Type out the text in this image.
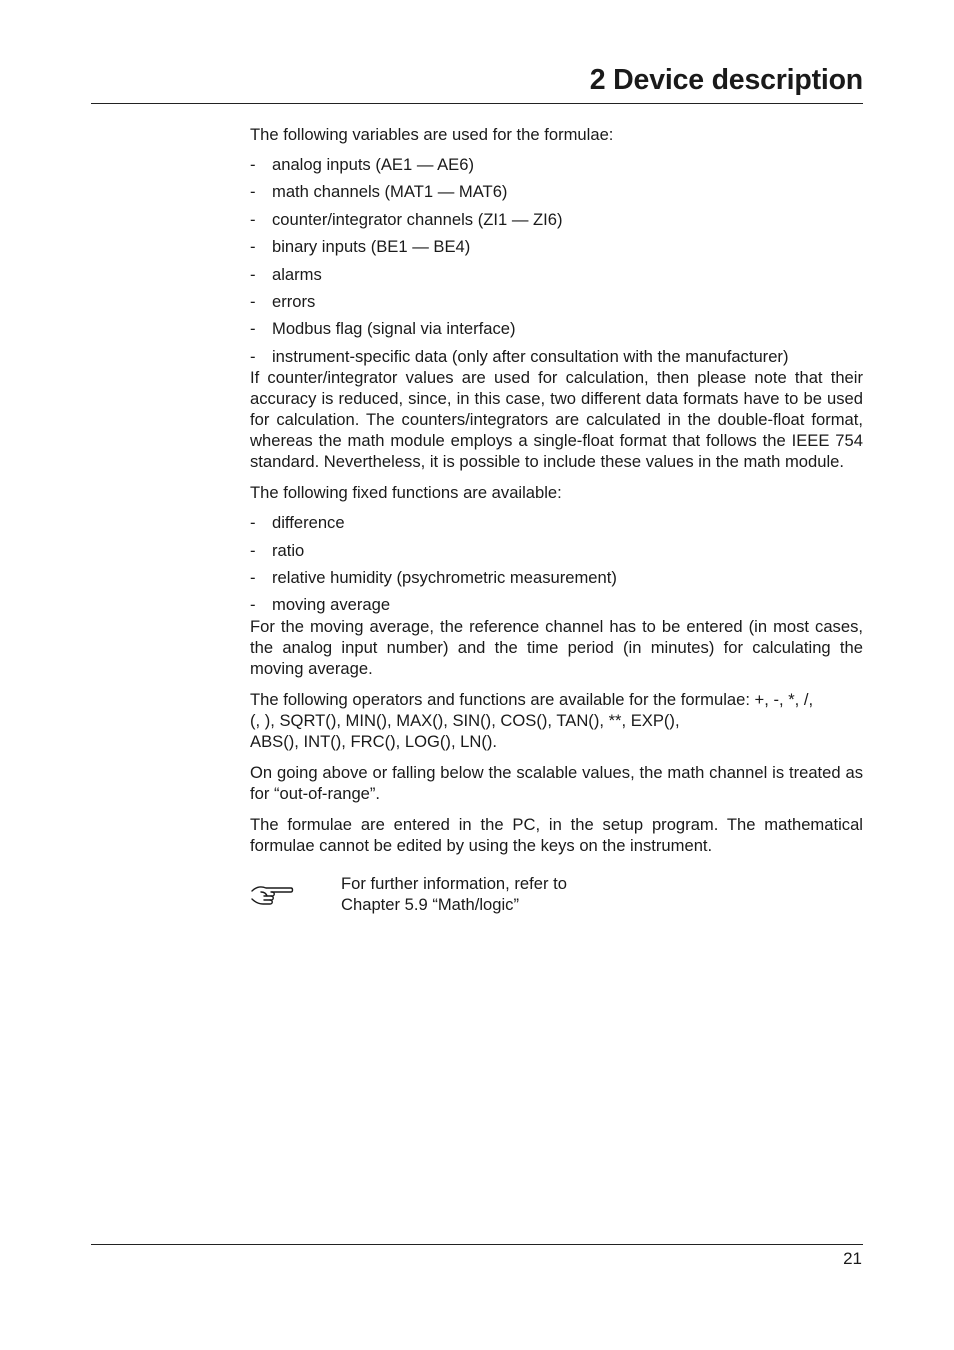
2 Device description

The following variables are used for the formulae:

- analog inputs (AE1 — AE6)
- math channels (MAT1 — MAT6)
- counter/integrator channels (ZI1 — ZI6)
- binary inputs (BE1 — BE4)
- alarms
- errors
- Modbus flag (signal via interface)
- instrument-specific data (only after consultation with the manufacturer)

If counter/integrator values are used for calculation, then please note that their accuracy is reduced, since, in this case, two different data formats have to be used for calculation. The counters/integrators are calculated in the double-float format, whereas the math module employs a single-float format that follows the IEEE 754 standard. Nevertheless, it is possible to include these values in the math module.

The following fixed functions are available:

- difference
- ratio
- relative humidity (psychrometric measurement)
- moving average

For the moving average, the reference channel has to be entered (in most cases, the analog input number) and the time period (in minutes) for calculating the moving average.

The following operators and functions are available for the formulae: +, -, *, /,
(, ), SQRT(), MIN(), MAX(), SIN(), COS(), TAN(), **, EXP(),
ABS(), INT(), FRC(), LOG(), LN().

On going above or falling below the scalable values, the math channel is treated as for “out-of-range”.

The formulae are entered in the PC, in the setup program. The mathematical formulae cannot be edited by using the keys on the instrument.

For further information, refer to
Chapter 5.9 “Math/logic”
21
